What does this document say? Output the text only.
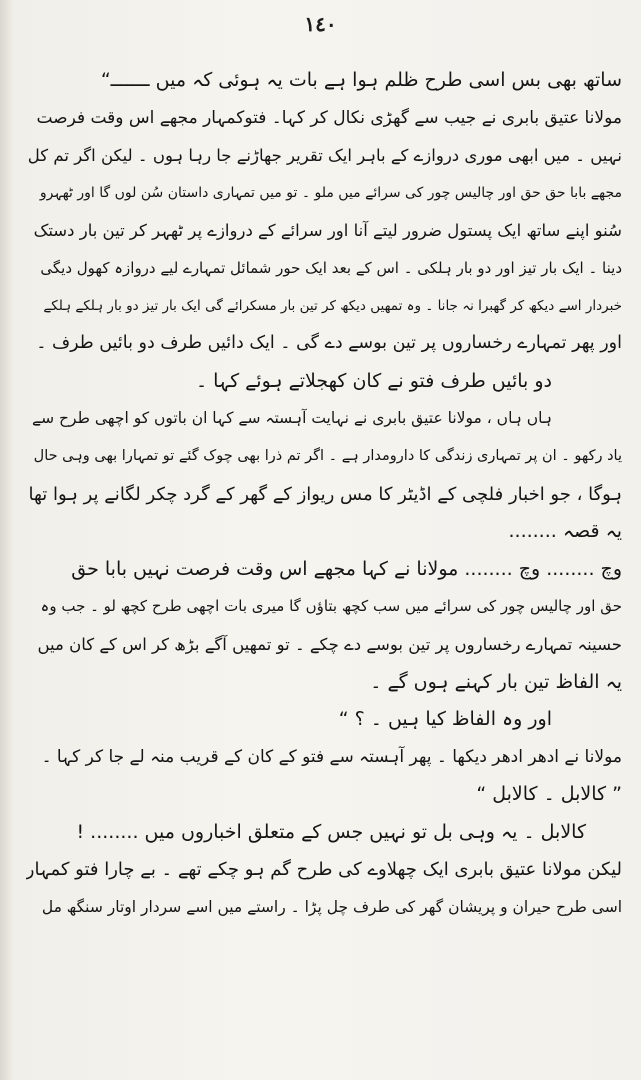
١٤٠
ساتھ بھی بس اسی طرح ظلم ہوا ہے بات یہ ہوئی کہ میں ـــــــ“
مولانا عتیق بابری نے جیب سے گھڑی نکال کر کہا۔ فتوکمہار مجھے اس وقت فرصت
نہیں ۔ میں ابھی موری دروازے کے باہر ایک تقریر جھاڑنے جا رہا ہوں ۔ لیکن اگر تم کل
مجھے بابا حق حق اور چالیس چور کی سرائے میں ملو ۔ تو میں تمہاری داستان سُن لوں گا اور ٹھہرو
سُنو اپنے ساتھ ایک پستول ضرور لیتے آنا اور سرائے کے دروازے پر ٹھہر کر تین بار دستک
دینا ۔ ایک بار تیز اور دو بار ہلکی ۔ اس کے بعد ایک حور شمائل تمہارے لیے دروازہ کھول دیگی
خبردار اسے دیکھ کر گھبرا نہ جانا ۔ وہ تمھیں دیکھ کر تین بار مسکرائے گی ایک بار تیز دو بار ہلکے ہلکے
اور پھر تمہارے رخساروں پر تین بوسے دے گی ۔ ایک دائیں طرف دو بائیں طرف ۔
دو بائیں طرف فتو نے کان کھجلاتے ہوئے کہا ۔
ہاں ہاں ، مولانا عتیق بابری نے نہایت آہستہ سے کہا ان باتوں کو اچھی طرح سے
یاد رکھو ۔ ان پر تمہاری زندگی کا دارومدار ہے ۔ اگر تم ذرا بھی چوک گئے تو تمہارا بھی وہی حال
ہوگا ، جو اخبار فلچی کے اڈیٹر کا مس ریواز کے گھر کے گرد چکر لگانے پر ہوا تھا
یہ قصہ ........
وچ ........ وچ ........ مولانا نے کہا مجھے اس وقت فرصت نہیں بابا حق
حق اور چالیس چور کی سرائے میں سب کچھ بتاؤں گا میری بات اچھی طرح کچھ لو ۔ جب وہ
حسینہ تمہارے رخساروں پر تین بوسے دے چکے ۔ تو تمھیں آگے بڑھ کر اس کے کان میں
یہ الفاظ تین بار کہنے ہوں گے ۔
اور وہ الفاظ کیا ہیں ۔ ؟ “
مولانا نے ادھر ادھر دیکھا ۔ پھر آہستہ سے فتو کے کان کے قریب منہ لے جا کر کہا ۔
” کالابل ۔ کالابل “
کالابل ۔ یہ وہی بل تو نہیں جس کے متعلق اخباروں میں ........ !
لیکن مولانا عتیق بابری ایک چھلاوے کی طرح گم ہو چکے تھے ۔ بے چارا فتو کمہار
اسی طرح حیران و پریشان گھر کی طرف چل پڑا ۔ راستے میں اسے سردار اوتار سنگھ مل
